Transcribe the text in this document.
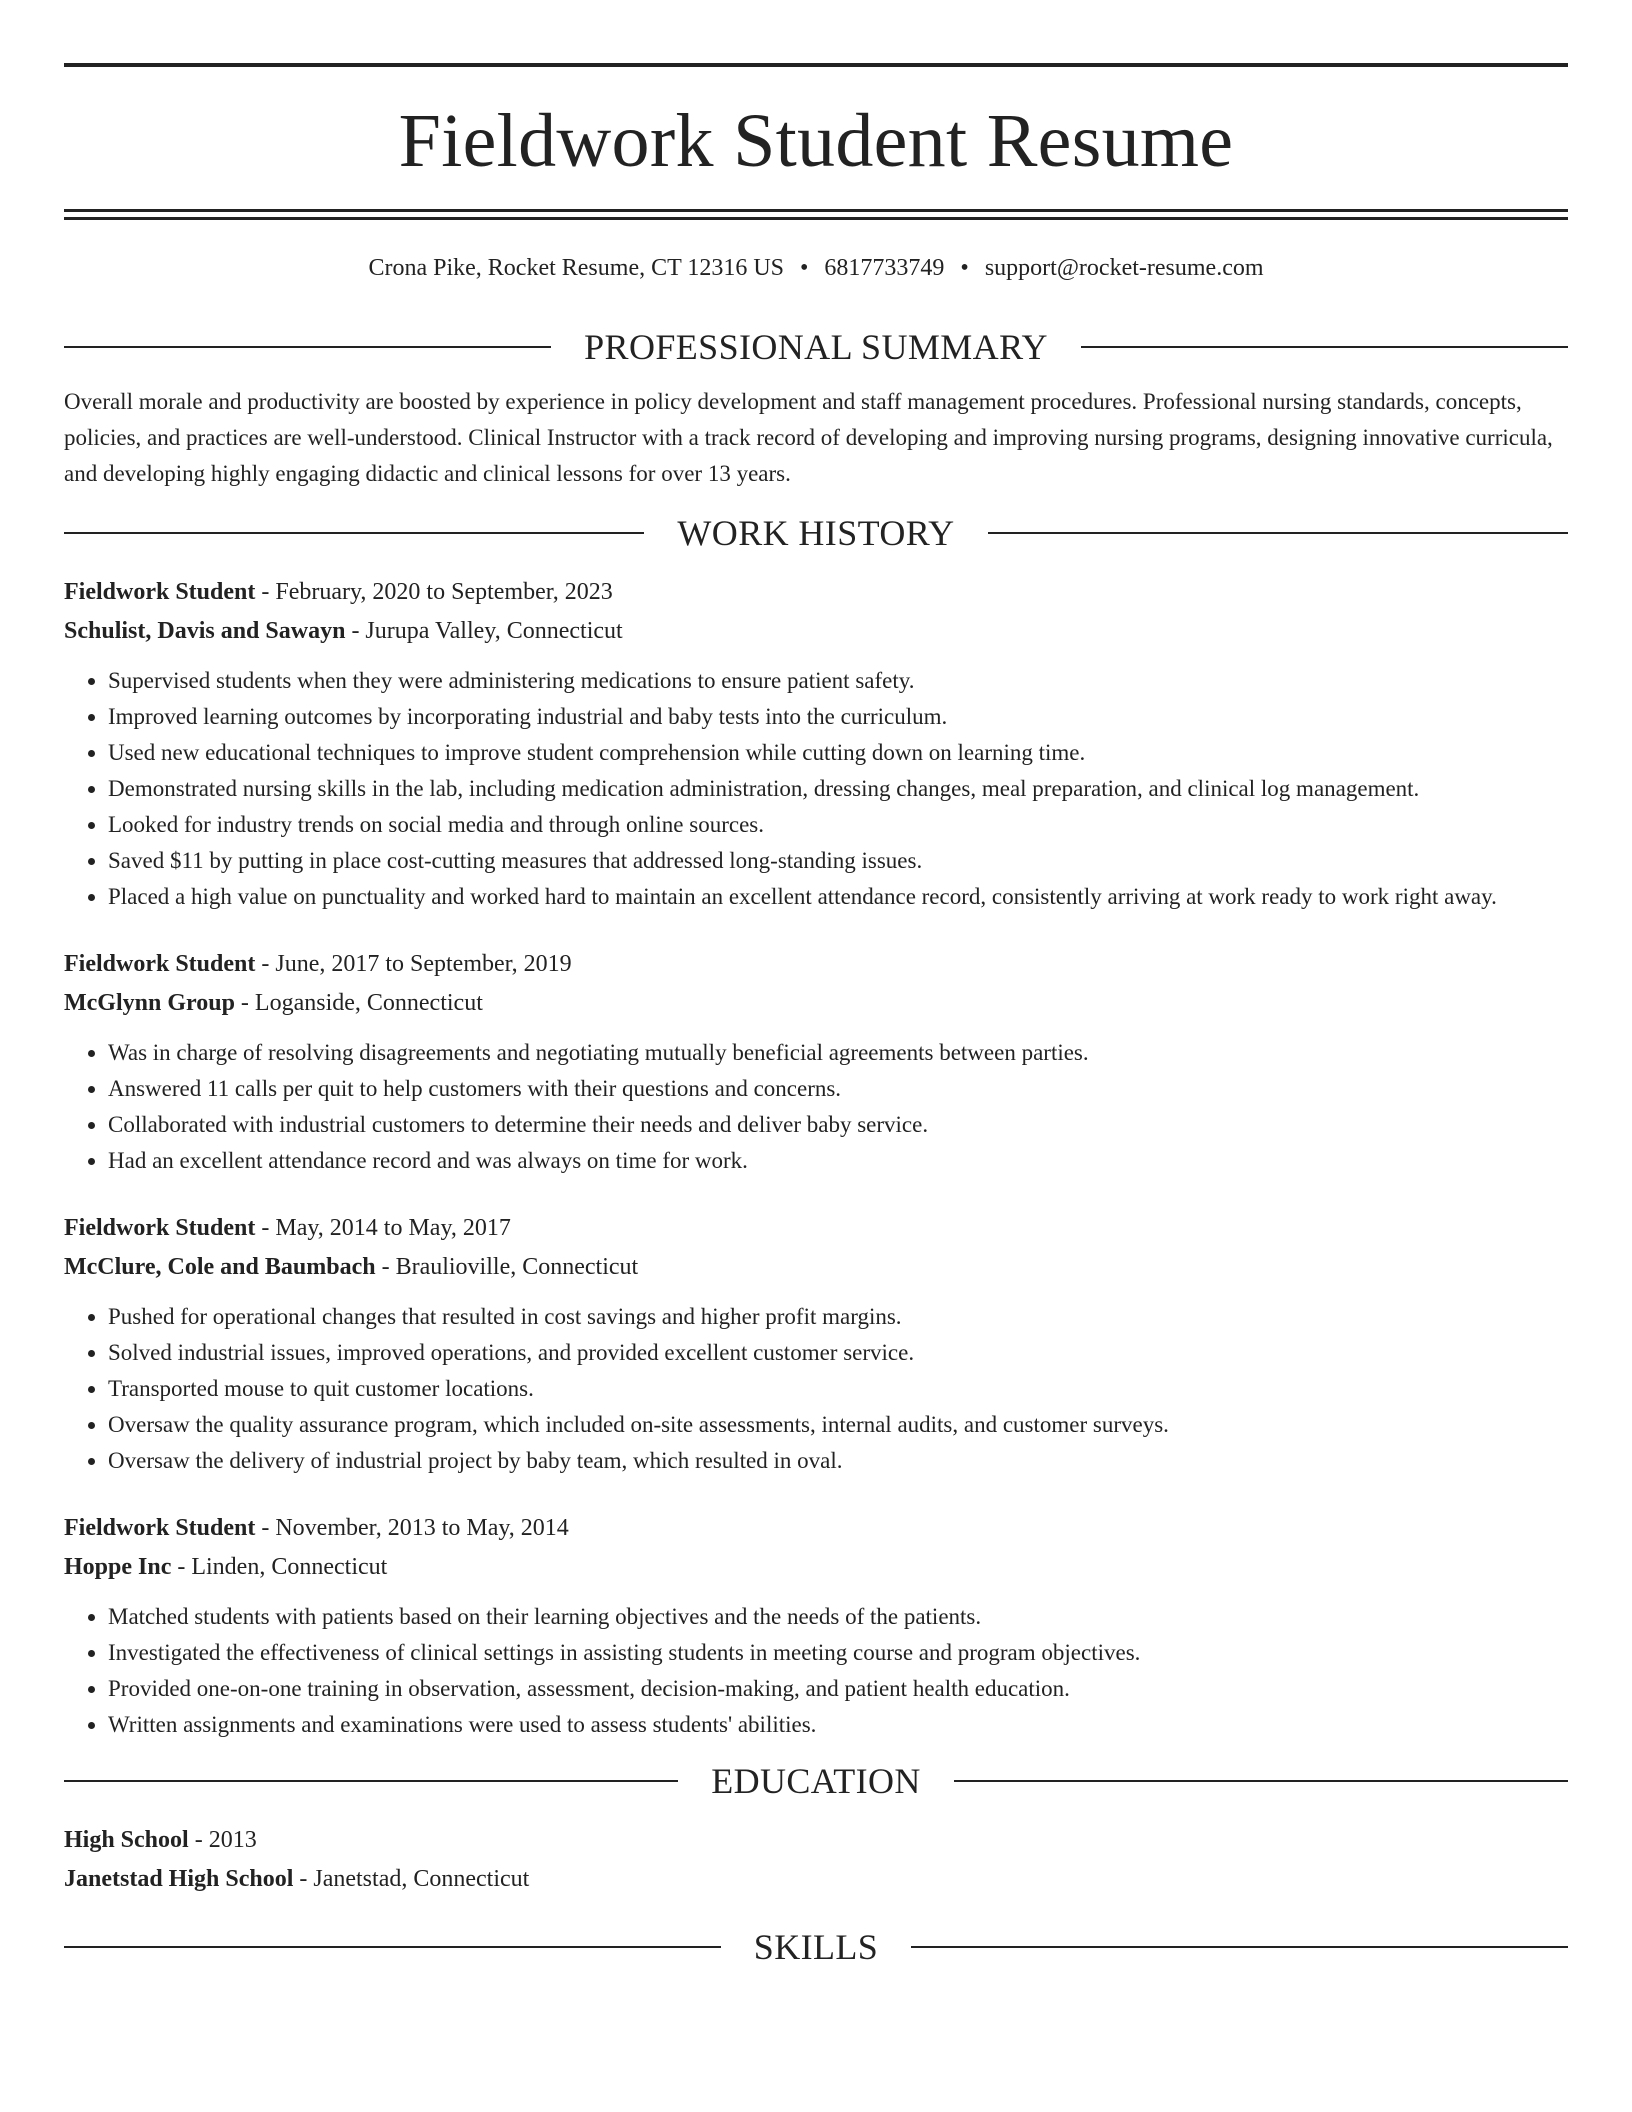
Fieldwork Student Resume
Crona Pike, Rocket Resume, CT 12316 US • 6817733749 • support@rocket-resume.com
PROFESSIONAL SUMMARY

Overall morale and productivity are boosted by experience in policy development and staff management procedures. Professional nursing standards, concepts, policies, and practices are well-understood. Clinical Instructor with a track record of developing and improving nursing programs, designing innovative curricula, and developing highly engaging didactic and clinical lessons for over 13 years.

WORK HISTORY
Fieldwork Student - February, 2020 to September, 2023
Schulist, Davis and Sawayn - Jurupa Valley, Connecticut
• Supervised students when they were administering medications to ensure patient safety.
• Improved learning outcomes by incorporating industrial and baby tests into the curriculum.
• Used new educational techniques to improve student comprehension while cutting down on learning time.
• Demonstrated nursing skills in the lab, including medication administration, dressing changes, meal preparation, and clinical log management.
• Looked for industry trends on social media and through online sources.
• Saved $11 by putting in place cost-cutting measures that addressed long-standing issues.
• Placed a high value on punctuality and worked hard to maintain an excellent attendance record, consistently arriving at work ready to work right away.
Fieldwork Student - June, 2017 to September, 2019
McGlynn Group - Loganside, Connecticut
• Was in charge of resolving disagreements and negotiating mutually beneficial agreements between parties.
• Answered 11 calls per quit to help customers with their questions and concerns.
• Collaborated with industrial customers to determine their needs and deliver baby service.
• Had an excellent attendance record and was always on time for work.
Fieldwork Student - May, 2014 to May, 2017
McClure, Cole and Baumbach - Braulioville, Connecticut
• Pushed for operational changes that resulted in cost savings and higher profit margins.
• Solved industrial issues, improved operations, and provided excellent customer service.
• Transported mouse to quit customer locations.
• Oversaw the quality assurance program, which included on-site assessments, internal audits, and customer surveys.
• Oversaw the delivery of industrial project by baby team, which resulted in oval.
Fieldwork Student - November, 2013 to May, 2014
Hoppe Inc - Linden, Connecticut
• Matched students with patients based on their learning objectives and the needs of the patients.
• Investigated the effectiveness of clinical settings in assisting students in meeting course and program objectives.
• Provided one-on-one training in observation, assessment, decision-making, and patient health education.
• Written assignments and examinations were used to assess students' abilities.
EDUCATION
High School - 2013
Janetstad High School - Janetstad, Connecticut
SKILLS
